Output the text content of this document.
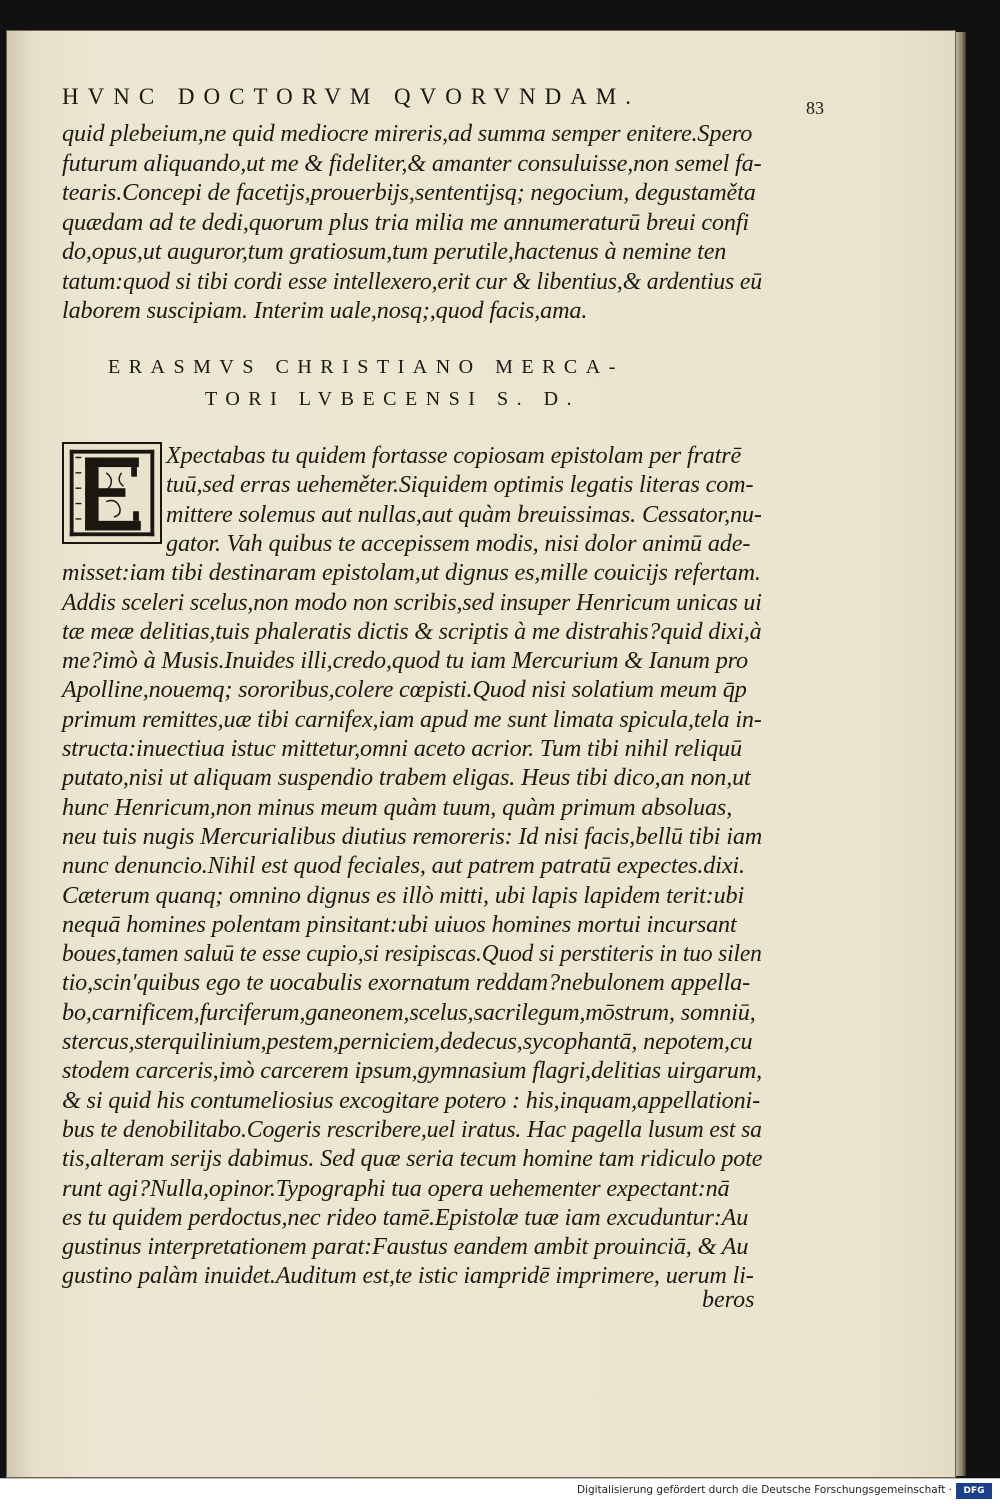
HVNC DOCTORVM QVORVNDAM.	83
quid plebeium,ne quid mediocre mireris,ad summa semper enitere.Spero
futurum aliquando,ut me & fideliter,& amanter consuluisse,non semel fa-
tearis.Concepi de facetijs,prouerbijs,sententijsq; negocium, degustaměta
quædam ad te dedi,quorum plus tria milia me annumeraturū breui confi
do,opus,ut auguror,tum gratiosum,tum perutile,hactenus à nemine ten
tatum:quod si tibi cordi esse intellexero,erit cur & libentius,& ardentius eū
laborem suscipiam. Interim uale,nosq;,quod facis,ama.
ERASMVS CHRISTIANO MERCA-
TORI LVBECENSI S. D.
Xpectabas tu quidem fortasse copiosam epistolam per fratrē
tuū,sed erras ueheměter.Siquidem optimis legatis literas com-
mittere solemus aut nullas,aut quàm breuissimas. Cessator,nu-
gator. Vah quibus te accepissem modis, nisi dolor animū ade-
misset:iam tibi destinaram epistolam,ut dignus es,mille couicijs refertam.
Addis sceleri scelus,non modo non scribis,sed insuper Henricum unicas ui
tæ meæ delitias,tuis phaleratis dictis & scriptis à me distrahis?quid dixi,à
me?imò à Musis.Inuides illi,credo,quod tu iam Mercurium & Ianum pro
Apolline,nouemq; sororibus,colere cœpisti.Quod nisi solatium meum q̄p
primum remittes,uæ tibi carnifex,iam apud me sunt limata spicula,tela in-
structa:inuectiua istuc mittetur,omni aceto acrior. Tum tibi nihil reliquū
putato,nisi ut aliquam suspendio trabem eligas. Heus tibi dico,an non,ut
hunc Henricum,non minus meum quàm tuum, quàm primum absoluas,
neu tuis nugis Mercurialibus diutius remoreris: Id nisi facis,bellū tibi iam
nunc denuncio.Nihil est quod feciales, aut patrem patratū expectes.dixi.
Cæterum quanq; omnino dignus es illò mitti, ubi lapis lapidem terit:ubi
nequā homines polentam pinsitant:ubi uiuos homines mortui incursant
boues,tamen saluū te esse cupio,si resipiscas.Quod si perstiteris in tuo silen
tio,scin'quibus ego te uocabulis exornatum reddam?nebulonem appella-
bo,carnificem,furciferum,ganeonem,scelus,sacrilegum,mōstrum, somniū,
stercus,sterquilinium,pestem,perniciem,dedecus,sycophantā, nepotem,cu
stodem carceris,imò carcerem ipsum,gymnasium flagri,delitias uirgarum,
& si quid his contumeliosius excogitare potero : his,inquam,appellationi-
bus te denobilitabo.Cogeris rescribere,uel iratus. Hac pagella lusum est sa
tis,alteram serijs dabimus. Sed quæ seria tecum homine tam ridiculo pote
runt agi?Nulla,opinor.Typographi tua opera uehementer expectant:nā
es tu quidem perdoctus,nec rideo tamē.Epistolæ tuæ iam excuduntur:Au
gustinus interpretationem parat:Faustus eandem ambit prouinciā, & Au
gustino palàm inuidet.Auditum est,te istic iampridē imprimere, uerum li-
beros
Digitalisierung gefördert durch die Deutsche Forschungsgemeinschaft ·	DFG
